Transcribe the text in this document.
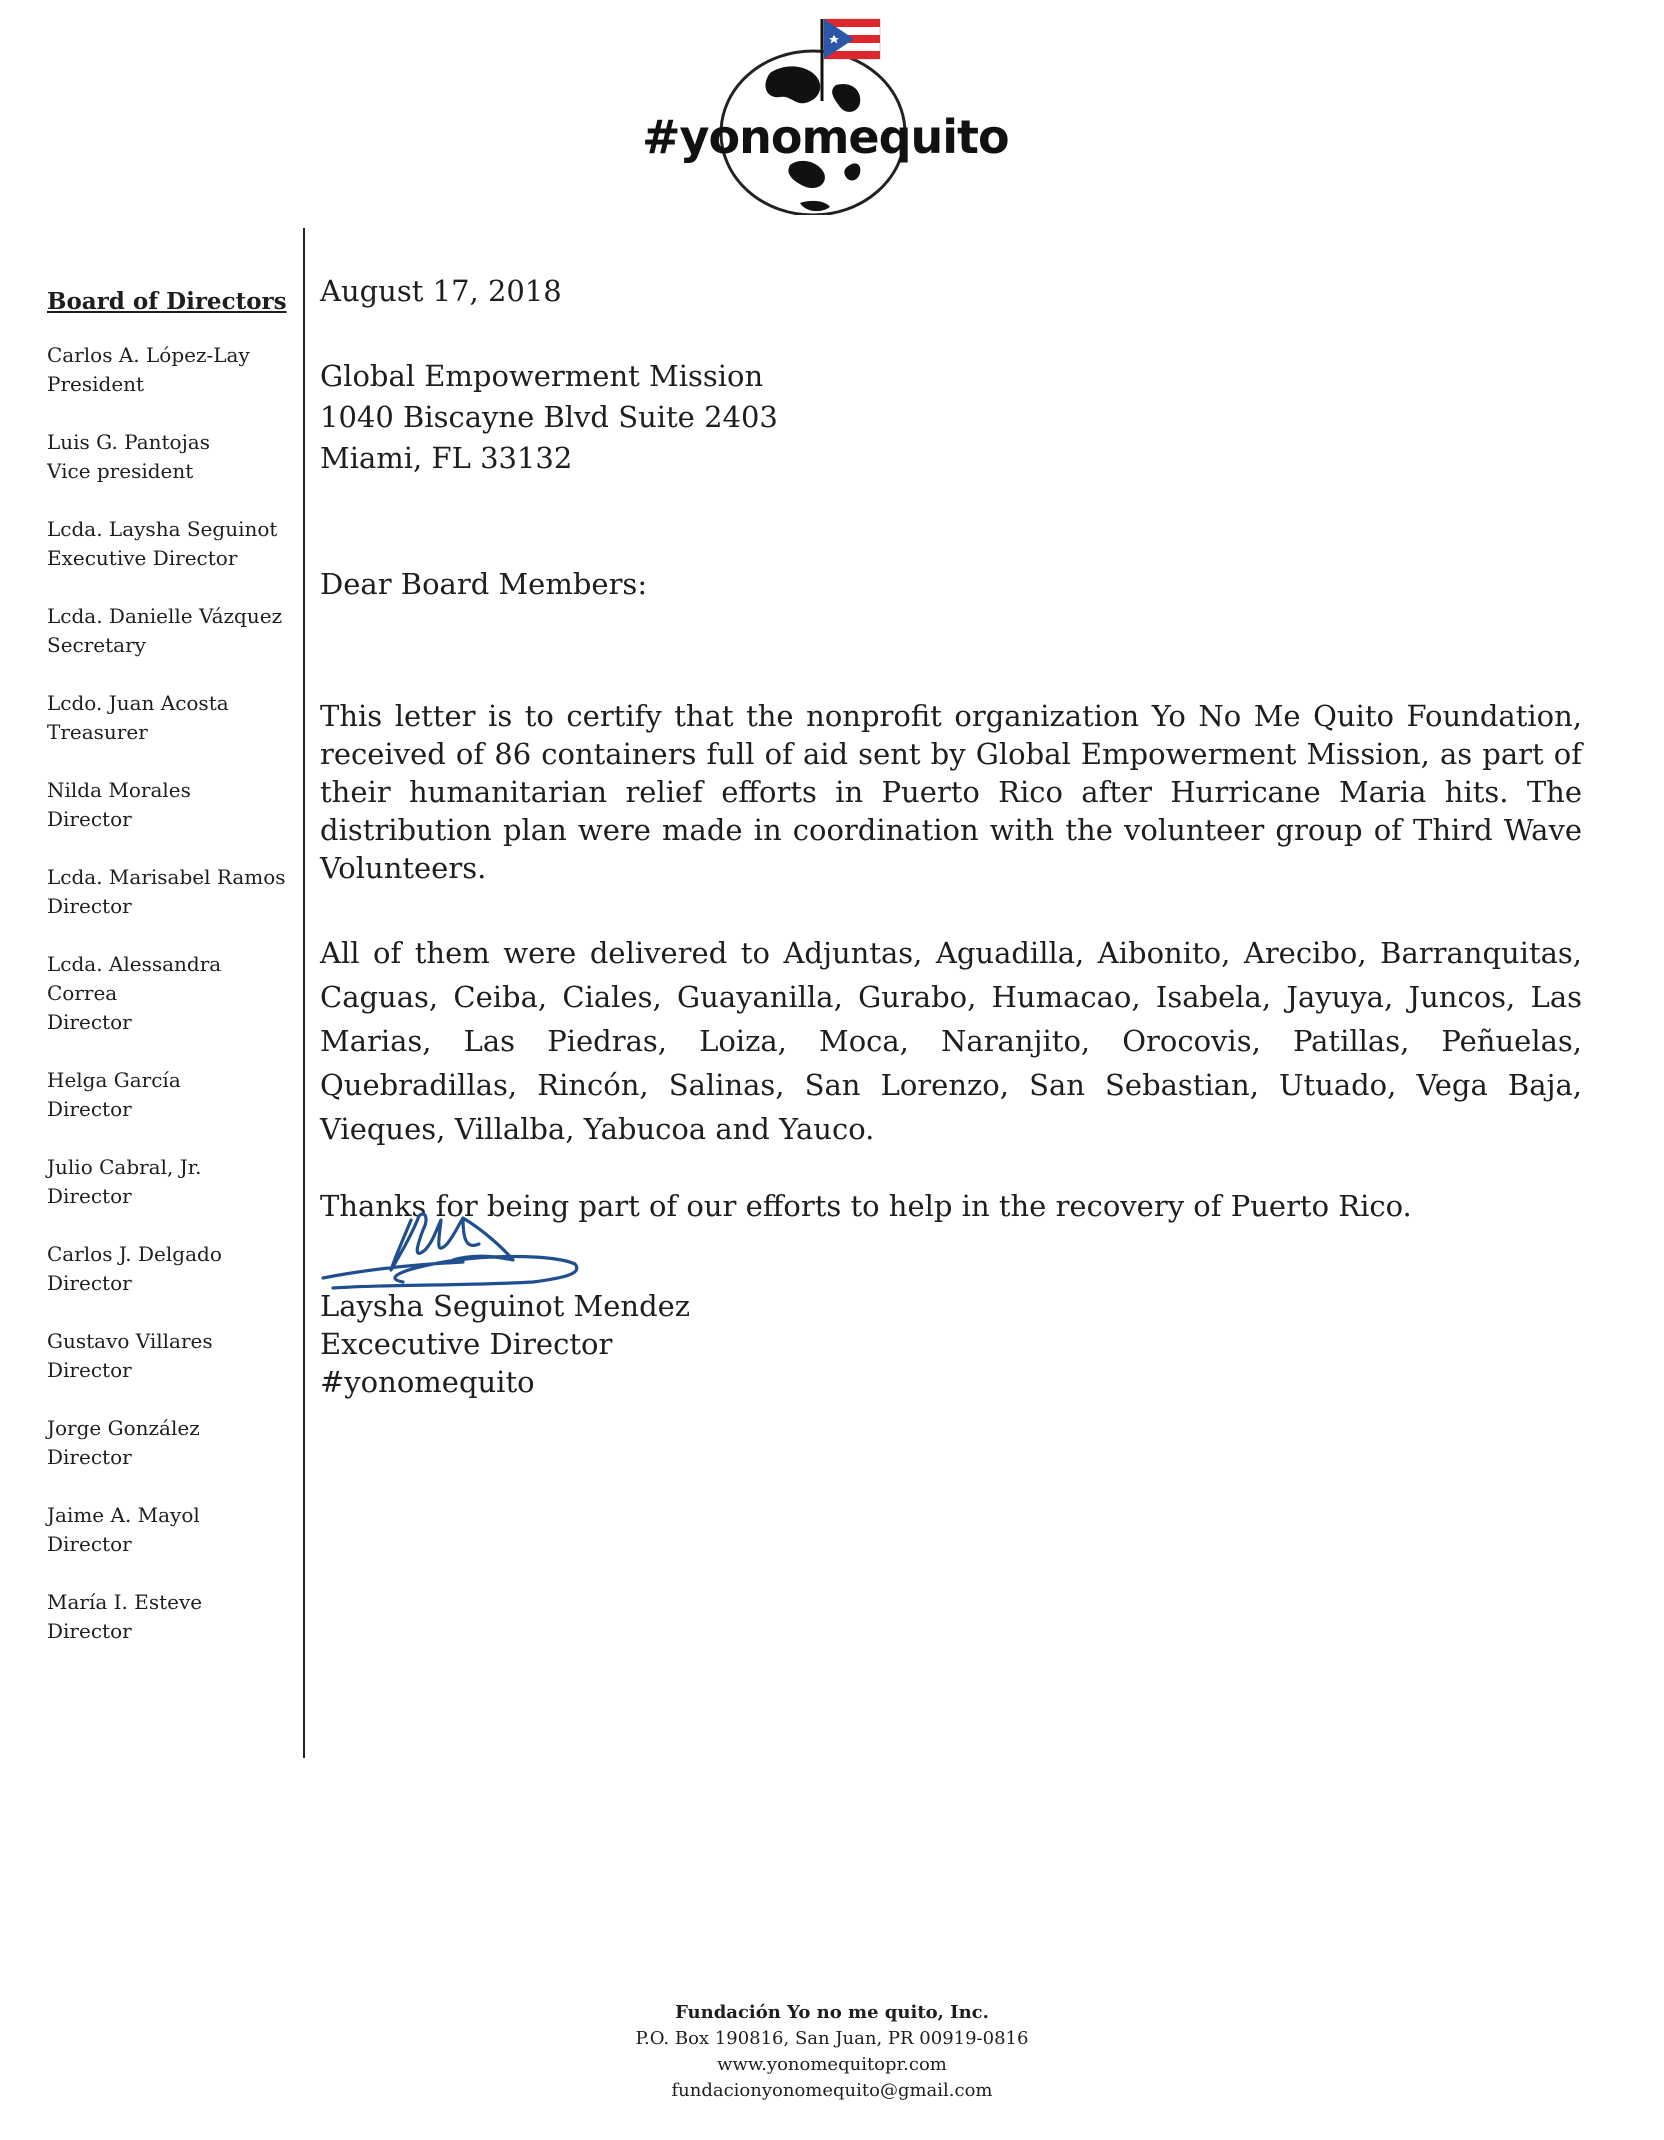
#yonomequito
Board of Directors
Carlos A. López-Lay
President
Luis G. Pantojas
Vice president
Lcda. Laysha Seguinot
Executive Director
Lcda. Danielle Vázquez
Secretary
Lcdo. Juan Acosta
Treasurer
Nilda Morales
Director
Lcda. Marisabel Ramos
Director
Lcda. Alessandra
Correa
Director
Helga García
Director
Julio Cabral, Jr.
Director
Carlos J. Delgado
Director
Gustavo Villares
Director
Jorge González
Director
Jaime A. Mayol
Director
María I. Esteve
Director
August 17, 2018
Global Empowerment Mission
1040 Biscayne Blvd Suite 2403
Miami, FL 33132
Dear Board Members:

This letter is to certify that the nonprofit organization Yo No Me Quito Foundation, received of 86 containers full of aid sent by Global Empowerment Mission, as part of their humanitarian relief efforts in Puerto Rico after Hurricane Maria hits. The distribution plan were made in coordination with the volunteer group of Third Wave Volunteers.

All of them were delivered to Adjuntas, Aguadilla, Aibonito, Arecibo, Barranquitas, Caguas, Ceiba, Ciales, Guayanilla, Gurabo, Humacao, Isabela, Jayuya, Juncos, Las Marias, Las Piedras, Loiza, Moca, Naranjito, Orocovis, Patillas, Peñuelas, Quebradillas, Rincón, Salinas, San Lorenzo, San Sebastian, Utuado, Vega Baja, Vieques, Villalba, Yabucoa and Yauco.

Thanks for being part of our efforts to help in the recovery of Puerto Rico.

Laysha Seguinot Mendez
Excecutive Director
#yonomequito
Fundación Yo no me quito, Inc.
P.O. Box 190816, San Juan, PR 00919-0816
www.yonomequitopr.com
fundacionyonomequito@gmail.com
